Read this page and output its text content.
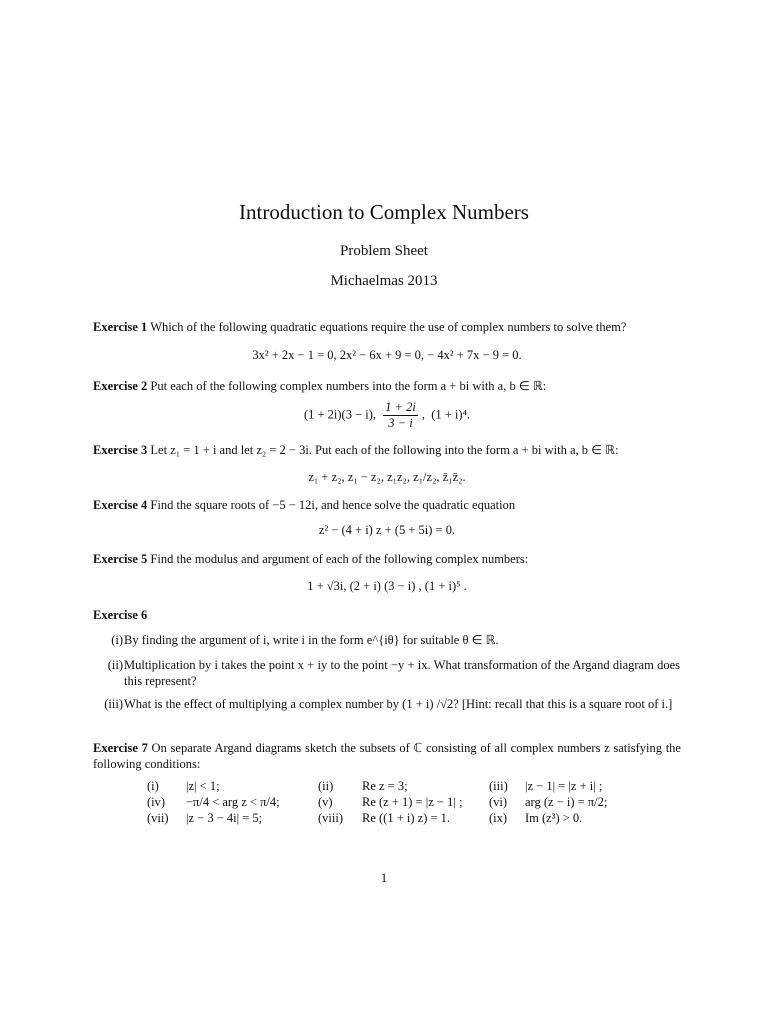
Introduction to Complex Numbers
Problem Sheet
Michaelmas 2013
Exercise 1 Which of the following quadratic equations require the use of complex numbers to solve them?
3x² + 2x − 1 = 0, 2x² − 6x + 9 = 0, − 4x² + 7x − 9 = 0.
Exercise 2 Put each of the following complex numbers into the form a + bi with a, b ∈ ℝ:
(1 + 2i)(3 − i), $\frac{1 + 2i}{3 - i}$ ,  (1 + i)⁴.
Exercise 3 Let z₁ = 1 + i and let z₂ = 2 − 3i. Put each of the following into the form a + bi with a, b ∈ ℝ:
z₁ + z₂, z₁ − z₂, z₁z₂, z₁/z₂, z̄₁z̄₂.
Exercise 4 Find the square roots of −5 − 12i, and hence solve the quadratic equation
z² − (4 + i) z + (5 + 5i) = 0.
Exercise 5 Find the modulus and argument of each of the following complex numbers:
1 + √3i, (2 + i) (3 − i) , (1 + i)⁵ .
Exercise 6
(i) By finding the argument of i, write i in the form e^{iθ} for suitable θ ∈ ℝ.
(ii) Multiplication by i takes the point x + iy to the point −y + ix. What transformation of the Argand diagram does this represent?
(iii) What is the effect of multiplying a complex number by (1 + i) /√2? [Hint: recall that this is a square root of i.]
Exercise 7 On separate Argand diagrams sketch the subsets of ℂ consisting of all complex numbers z satisfying the following conditions:
(i) |z| < 1;	(ii) Re z = 3;	(iii) |z − 1| = |z + i| ;
(iv) −π/4 < arg z < π/4;	(v) Re (z + 1) = |z − 1| ; (vi) arg (z − i) = π/2;
(vii) |z − 3 − 4i| = 5;	(viii) Re ((1 + i) z) = 1.	(ix) Im (z³) > 0.
1
